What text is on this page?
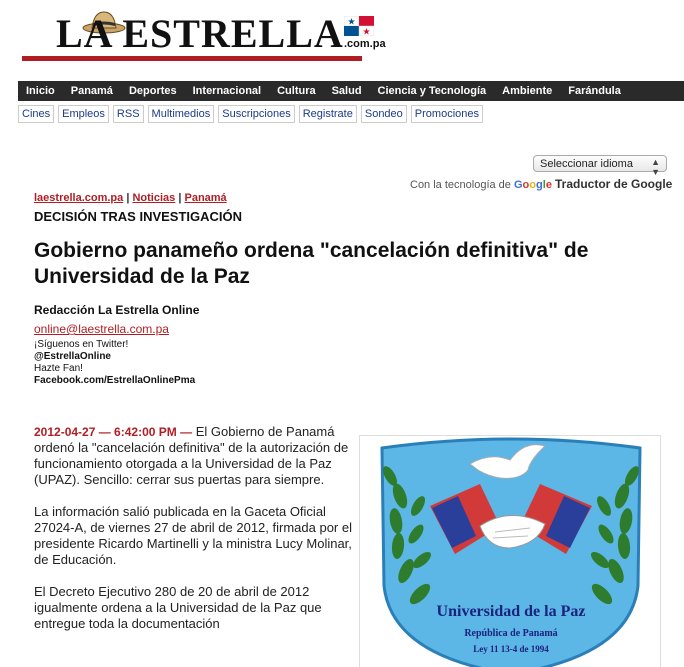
LA ESTRELLA .com.pa
Inicio	Panamá	Deportes	Internacional	Cultura	Salud	Ciencia y Tecnología	Ambiente	Farándula
Cines	Empleos	RSS	Multimedios	Suscripciones	Registrate	Sondeo	Promociones
Seleccionar idioma ▲
▼
Con la tecnología de Google Traductor de Google
laestrella.com.pa | Noticias | Panamá
DECISIÓN TRAS INVESTIGACIÓN
Gobierno panameño ordena "cancelación definitiva" de Universidad de la Paz
Redacción La Estrella Online
online@laestrella.com.pa
¡Síguenos en Twitter!
@EstrellaOnline
Hazte Fan!
Facebook.com/EstrellaOnlinePma

2012-04-27 — 6:42:00 PM — El Gobierno de Panamá ordenó la "cancelación definitiva" de la autorización de funcionamiento otorgada a la Universidad de la Paz (UPAZ). Sencillo: cerrar sus puertas para siempre.

La información salió publicada en la Gaceta Oficial 27024-A, de viernes 27 de abril de 2012, firmada por el presidente Ricardo Martinelli y la ministra Lucy Molinar, de Educación.

El Decreto Ejecutivo 280 de 20 de abril de 2012 igualmente ordena a la Universidad de la Paz que entregue toda la documentación

Universidad de la Paz
República de Panamá
Ley 11 13-4 de 1994
